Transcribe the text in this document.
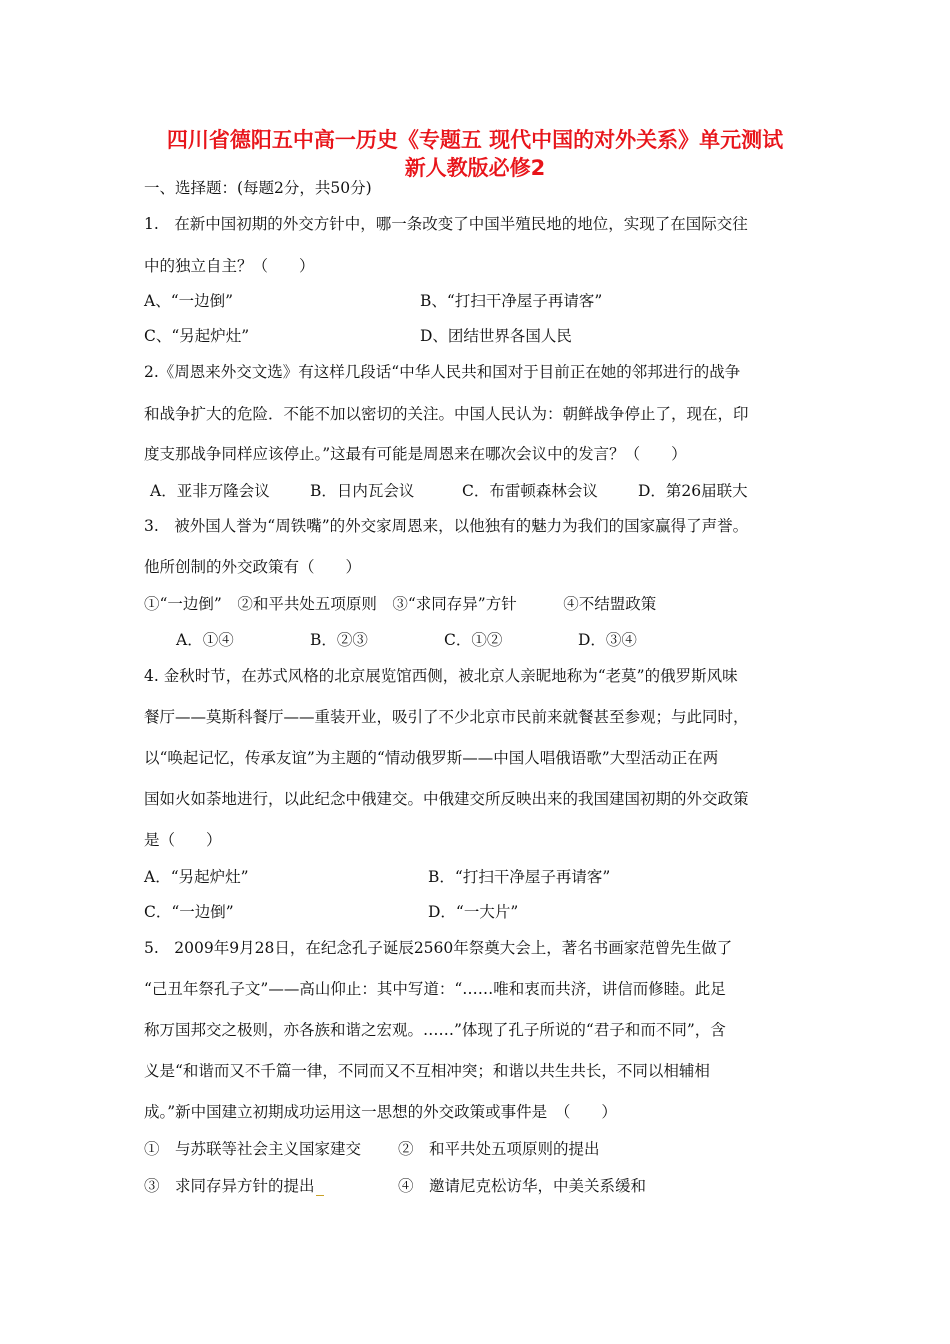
四川省德阳五中高一历史《专题五 现代中国的对外关系》单元测试
新人教版必修2

一、选择题：(每题2分，共50分)

1.　在新中国初期的外交方针中，哪一条改变了中国半殖民地的地位，实现了在国际交往

中的独立自主？（　　）

A、“一边倒”	B、“打扫干净屋子再请客”

C、“另起炉灶”	D、团结世界各国人民

2.《周恩来外交文选》有这样几段话“中华人民共和国对于目前正在她的邻邦进行的战争

和战争扩大的危险．不能不加以密切的关注。中国人民认为：朝鲜战争停止了，现在，印

度支那战争同样应该停止。”这最有可能是周恩来在哪次会议中的发言？（　　）

A．亚非万隆会议	B．日内瓦会议	C．布雷顿森林会议	D．第26届联大

3.　被外国人誉为“周铁嘴”的外交家周恩来，以他独有的魅力为我们的国家赢得了声誉。

他所创制的外交政策有（　　）

①“一边倒”　②和平共处五项原则　③“求同存异”方针　　　④不结盟政策

A．①④	B．②③	C．①②	D．③④

4. 金秋时节，在苏式风格的北京展览馆西侧，被北京人亲昵地称为“老莫”的俄罗斯风味

餐厅——莫斯科餐厅——重装开业，吸引了不少北京市民前来就餐甚至参观；与此同时，

以“唤起记忆，传承友谊”为主题的“情动俄罗斯——中国人唱俄语歌”大型活动正在两

国如火如荼地进行，以此纪念中俄建交。中俄建交所反映出来的我国建国初期的外交政策

是（　　）

A．“另起炉灶”	B．“打扫干净屋子再请客”

C．“一边倒”	D．“一大片”

5.　2009年9月28日，在纪念孔子诞辰2560年祭奠大会上，著名书画家范曾先生做了

“己丑年祭孔子文”——高山仰止：其中写道：“……唯和衷而共济，讲信而修睦。此足

称万国邦交之极则，亦各族和谐之宏观。……”体现了孔子所说的“君子和而不同”，含

义是“和谐而又不千篇一律，不同而又不互相冲突；和谐以共生共长，不同以相辅相

成。”新中国建立初期成功运用这一思想的外交政策或事件是　（　　）

①　与苏联等社会主义国家建交 ②　和平共处五项原则的提出

③　求同存异方针的提出	④　邀请尼克松访华，中美关系缓和
